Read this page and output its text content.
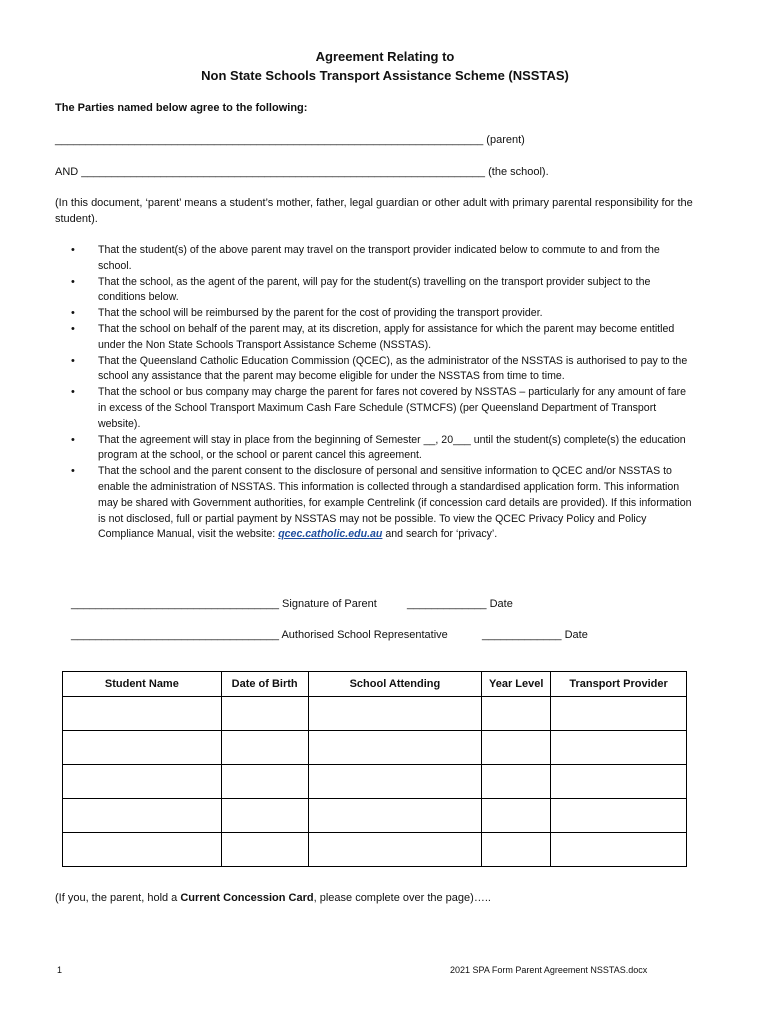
Agreement Relating to
Non State Schools Transport Assistance Scheme (NSSTAS)
The Parties named below agree to the following:
______________________________________________________________________ (parent)
AND __________________________________________________________________ (the school).
(In this document, ‘parent’ means a student’s mother, father, legal guardian or other adult with primary parental responsibility for the student).
• That the student(s) of the above parent may travel on the transport provider indicated below to commute to and from the school.
• That the school, as the agent of the parent, will pay for the student(s) travelling on the transport provider subject to the conditions below.
• That the school will be reimbursed by the parent for the cost of providing the transport provider.
• That the school on behalf of the parent may, at its discretion, apply for assistance for which the parent may become entitled under the Non State Schools Transport Assistance Scheme (NSSTAS).
• That the Queensland Catholic Education Commission (QCEC), as the administrator of the NSSTAS is authorised to pay to the school any assistance that the parent may become eligible for under the NSSTAS from time to time.
• That the school or bus company may charge the parent for fares not covered by NSSTAS – particularly for any amount of fare in excess of the School Transport Maximum Cash Fare Schedule (STMCFS) (per Queensland Department of Transport website).
• That the agreement will stay in place from the beginning of Semester __, 20___ until the student(s) complete(s) the education program at the school, or the school or parent cancel this agreement.
• That the school and the parent consent to the disclosure of personal and sensitive information to QCEC and/or NSSTAS to enable the administration of NSSTAS. This information is collected through a standardised application form. This information may be shared with Government authorities, for example Centrelink (if concession card details are provided). If this information is not disclosed, full or partial payment by NSSTAS may not be possible. To view the QCEC Privacy Policy and Policy Compliance Manual, visit the website: qcec.catholic.edu.au and search for ‘privacy’.
__________________________________ Signature of Parent	_____________ Date
__________________________________ Authorised School Representative	_____________ Date
Student Name	Date of Birth	School Attending	Year Level	Transport Provider

(If you, the parent, hold a Current Concession Card, please complete over the page)…..
1	2021 SPA Form Parent Agreement NSSTAS.docx
